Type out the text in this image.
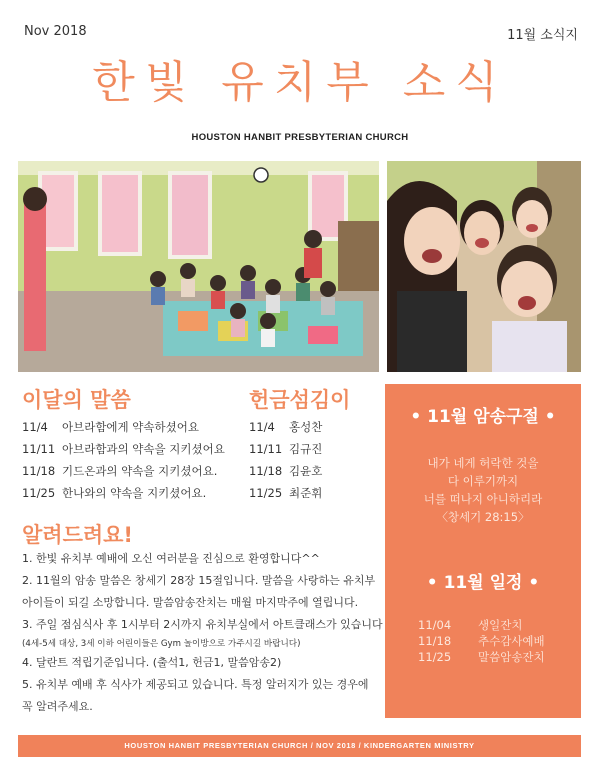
Nov 2018	11월 소식지
한빛 유치부 소식
HOUSTON HANBIT PRESBYTERIAN CHURCH
이달의 말씀
11/4 아브라함에게 약속하셨어요
11/11 아브라함과의 약속을 지키셨어요
11/18 기드온과의 약속을 지키셨어요.
11/25 한나와의 약속을 지키셨어요.
헌금섬김이
11/4 홍성찬
11/11 김규진
11/18 김윤호
11/25 최준휘
알려드려요!
1. 한빛 유치부 예배에 오신 여러분을 진심으로 환영합니다^^
2. 11월의 암송 말씀은 창세기 28장 15절입니다. 말씀을 사랑하는 유치부
아이들이 되길 소망합니다. 말씀암송잔치는 매월 마지막주에 열립니다.
3. 주일 점심식사 후 1시부터 2시까지 유치부실에서 아트클래스가 있습니다
(4세-5세 대상, 3세 이하 어린이들은 Gym 놀이방으로 가주시길 바랍니다)
4. 달란트 적립기준입니다. (출석1, 헌금1, 말씀암송2)
5. 유치부 예배 후 식사가 제공되고 있습니다. 특정 알러지가 있는 경우에
꼭 알려주세요.
• 11월 암송구절 •
내가 네게 허락한 것을
다 이루기까지
너를 떠나지 아니하리라
〈창세기 28:15〉
• 11월 일정 •
11/04 생일잔치
11/18 추수감사예배
11/25 말씀암송잔치
HOUSTON HANBIT PRESBYTERIAN CHURCH / NOV 2018 / KINDERGARTEN MINISTRY
